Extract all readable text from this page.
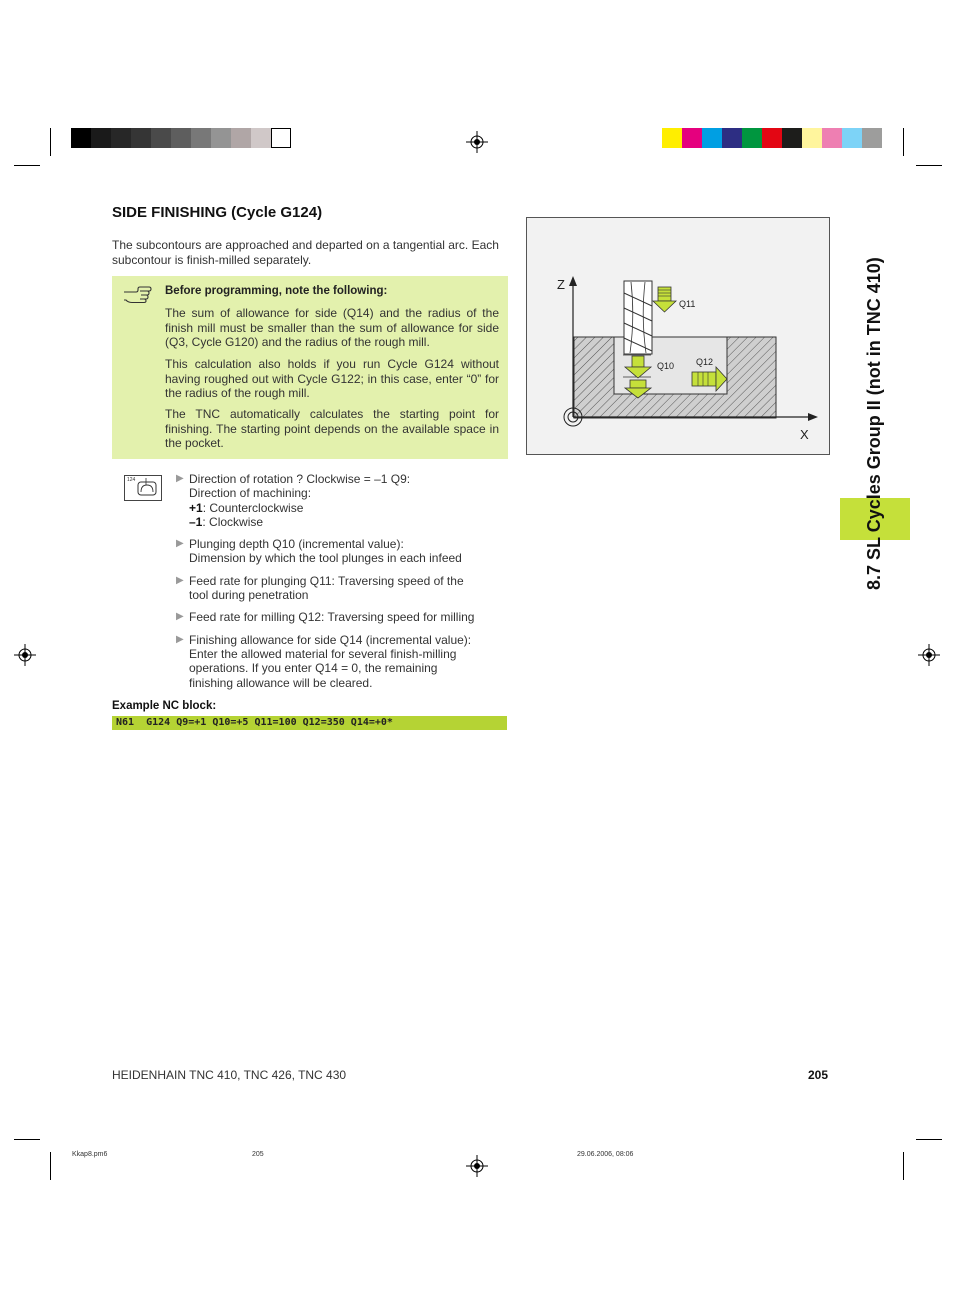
SIDE FINISHING (Cycle G124)

The subcontours are approached and departed on a tangential arc. Each subcontour is finish-milled separately.

Before programming, note the following:

The sum of allowance for side (Q14) and the radius of the finish mill must be smaller than the sum of allowance for side (Q3, Cycle G120) and the radius of the rough mill.

This calculation also holds if you run Cycle G124 without having roughed out with Cycle G122; in this case, enter “0” for the radius of the rough mill.

The TNC automatically calculates the starting point for finishing. The starting point depends on the available space in the pocket.

124	▶ Direction of rotation ? Clockwise = –1 Q9:
Direction of machining:
+1: Counterclockwise
–1: Clockwise
▶ Plunging depth Q10 (incremental value):
Dimension by which the tool plunges in each infeed
▶ Feed rate for plunging Q11: Traversing speed of the
tool during penetration
▶ Feed rate for milling Q12: Traversing speed for milling
▶ Finishing allowance for side Q14 (incremental value):
Enter the allowed material for several finish-milling
operations. If you enter Q14 = 0, the remaining
finishing allowance will be cleared.
Example NC block:
N61  G124 Q9=+1 Q10=+5 Q11=100 Q12=350 Q14=+0*
Z
X
Q11
Q10 Q12	8.7 SL Cycles Group II (not in TNC 410)
HEIDENHAIN TNC 410, TNC 426, TNC 430	205
Kkap8.pm6	205	29.06.2006, 08:06
